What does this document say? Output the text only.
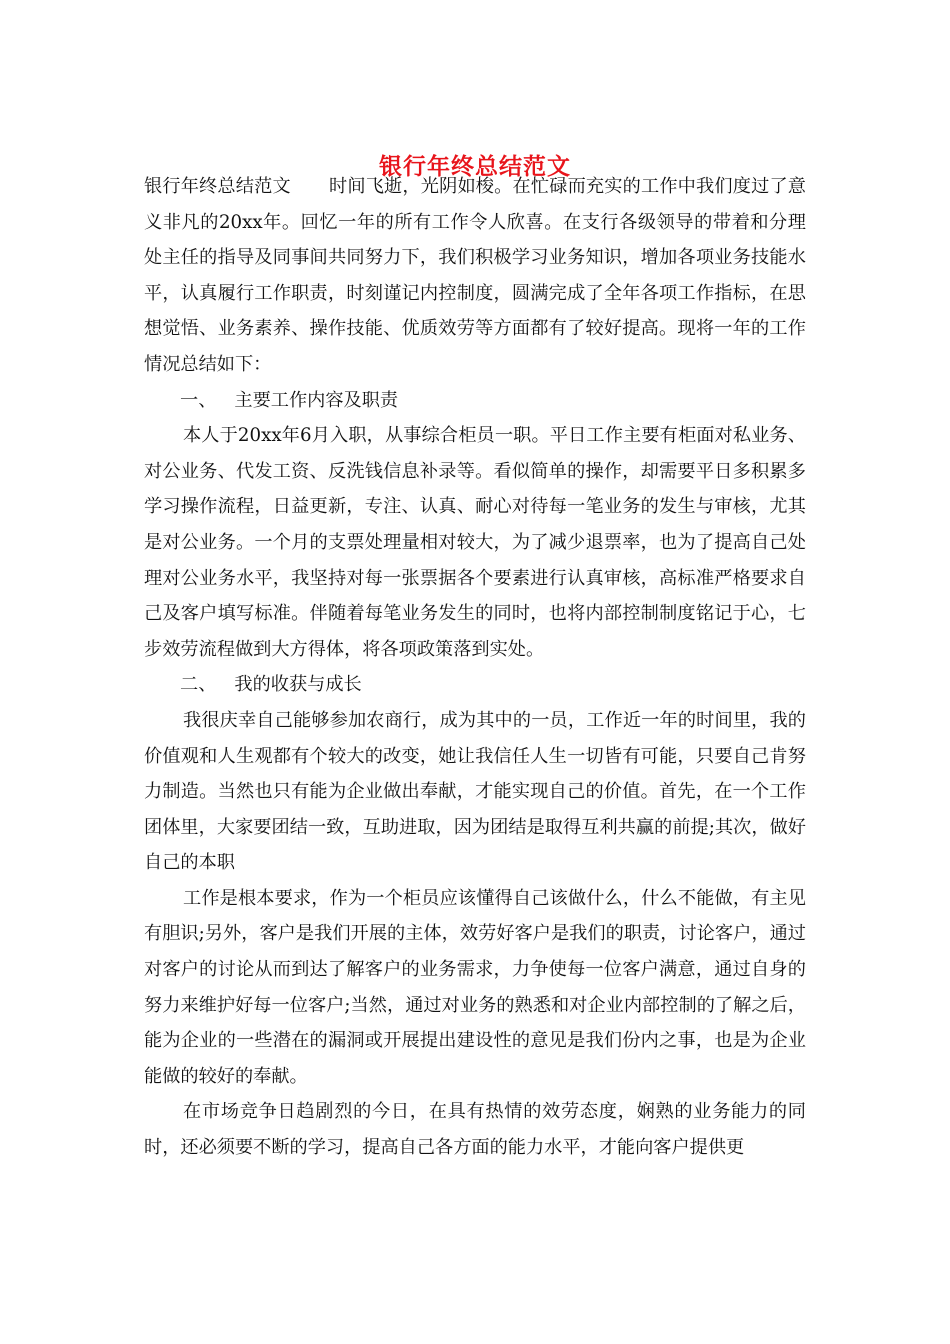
银行年终总结范文

银行年终总结范文 时间飞逝，光阴如梭。在忙碌而充实的工作中我们度过了意义非凡的20xx年。回忆一年的所有工作令人欣喜。在支行各级领导的带着和分理处主任的指导及同事间共同努力下，我们积极学习业务知识，增加各项业务技能水平，认真履行工作职责，时刻谨记内控制度，圆满完成了全年各项工作指标，在思想觉悟、业务素养、操作技能、优质效劳等方面都有了较好提高。现将一年的工作情况总结如下：

一、 主要工作内容及职责

本人于20xx年6月入职，从事综合柜员一职。平日工作主要有柜面对私业务、对公业务、代发工资、反洗钱信息补录等。看似简单的操作，却需要平日多积累多学习操作流程，日益更新，专注、认真、耐心对待每一笔业务的发生与审核，尤其是对公业务。一个月的支票处理量相对较大，为了减少退票率，也为了提高自己处理对公业务水平，我坚持对每一张票据各个要素进行认真审核，高标准严格要求自己及客户填写标准。伴随着每笔业务发生的同时，也将内部控制制度铭记于心，七步效劳流程做到大方得体，将各项政策落到实处。

二、 我的收获与成长

我很庆幸自己能够参加农商行，成为其中的一员，工作近一年的时间里，我的价值观和人生观都有个较大的改变，她让我信任人生一切皆有可能，只要自己肯努力制造。当然也只有能为企业做出奉献，才能实现自己的价值。首先，在一个工作团体里，大家要团结一致，互助进取，因为团结是取得互利共赢的前提;其次，做好自己的本职

工作是根本要求，作为一个柜员应该懂得自己该做什么，什么不能做，有主见有胆识;另外，客户是我们开展的主体，效劳好客户是我们的职责，讨论客户，通过对客户的讨论从而到达了解客户的业务需求，力争使每一位客户满意，通过自身的努力来维护好每一位客户;当然，通过对业务的熟悉和对企业内部控制的了解之后，能为企业的一些潜在的漏洞或开展提出建设性的意见是我们份内之事，也是为企业能做的较好的奉献。

在市场竞争日趋剧烈的今日，在具有热情的效劳态度，娴熟的业务能力的同时，还必须要不断的学习，提高自己各方面的能力水平，才能向客户提供更
